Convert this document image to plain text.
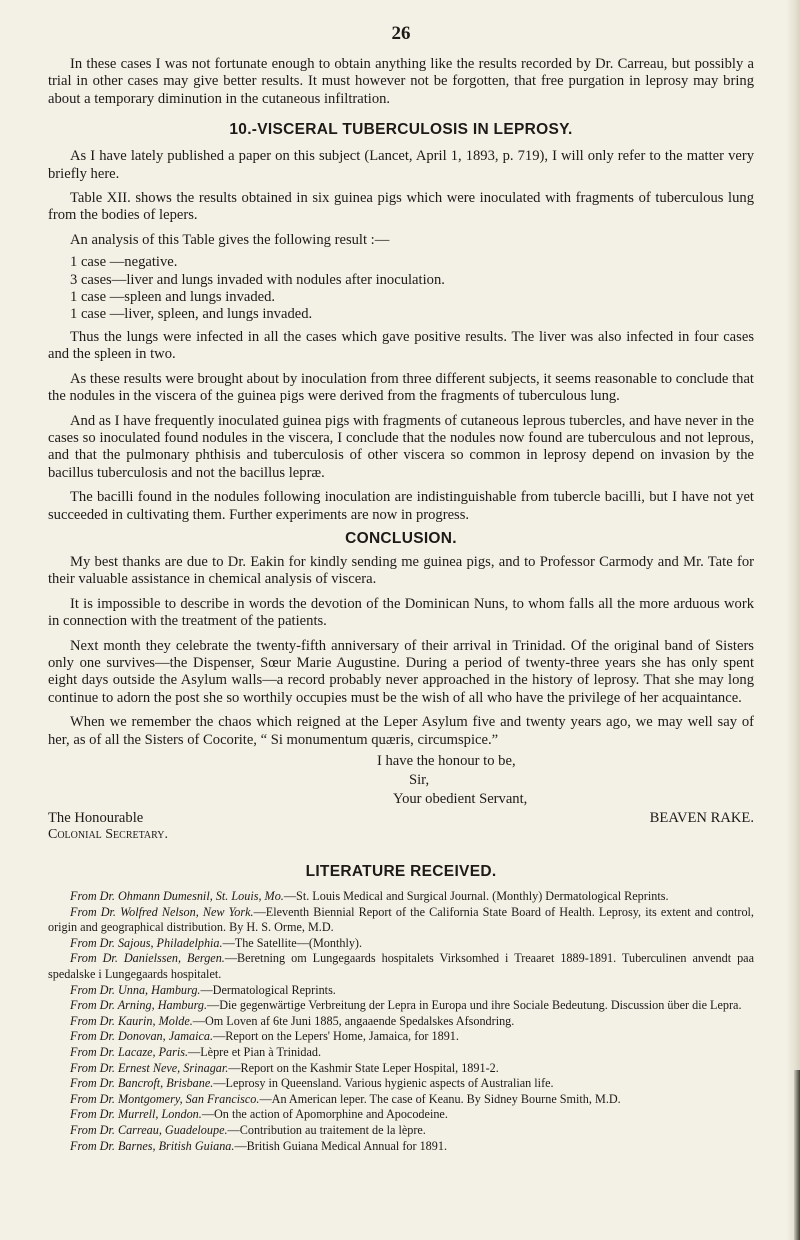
26

In these cases I was not fortunate enough to obtain anything like the results recorded by Dr. Carreau, but possibly a trial in other cases may give better results. It must however not be forgotten, that free purgation in leprosy may bring about a temporary diminution in the cutaneous infiltration.

10.-VISCERAL TUBERCULOSIS IN LEPROSY.

As I have lately published a paper on this subject (Lancet, April 1, 1893, p. 719), I will only refer to the matter very briefly here.

Table XII. shows the results obtained in six guinea pigs which were inoculated with fragments of tuberculous lung from the bodies of lepers.

An analysis of this Table gives the following result :—

1 case —negative.
3 cases—liver and lungs invaded with nodules after inoculation.
1 case —spleen and lungs invaded.
1 case —liver, spleen, and lungs invaded.

Thus the lungs were infected in all the cases which gave positive results. The liver was also infected in four cases and the spleen in two.

As these results were brought about by inoculation from three different subjects, it seems reasonable to conclude that the nodules in the viscera of the guinea pigs were derived from the fragments of tuberculous lung.

And as I have frequently inoculated guinea pigs with fragments of cutaneous leprous tubercles, and have never in the cases so inoculated found nodules in the viscera, I conclude that the nodules now found are tuberculous and not leprous, and that the pulmonary phthisis and tuberculosis of other viscera so common in leprosy depend on invasion by the bacillus tuberculosis and not the bacillus lepræ.

The bacilli found in the nodules following inoculation are indistinguishable from tubercle bacilli, but I have not yet succeeded in cultivating them. Further experiments are now in progress.

CONCLUSION.

My best thanks are due to Dr. Eakin for kindly sending me guinea pigs, and to Professor Carmody and Mr. Tate for their valuable assistance in chemical analysis of viscera.

It is impossible to describe in words the devotion of the Dominican Nuns, to whom falls all the more arduous work in connection with the treatment of the patients.

Next month they celebrate the twenty-fifth anniversary of their arrival in Trinidad. Of the original band of Sisters only one survives—the Dispenser, Sœur Marie Augustine. During a period of twenty-three years she has only spent eight days outside the Asylum walls—a record probably never approached in the history of leprosy. That she may long continue to adorn the post she so worthily occupies must be the wish of all who have the privilege of her acquaintance.

When we remember the chaos which reigned at the Leper Asylum five and twenty years ago, we may well say of her, as of all the Sisters of Cocorite, “ Si monumentum quæris, circumspice.”

I have the honour to be,
Sir,
Your obedient Servant,
The Honourable	BEAVEN RAKE.
Colonial Secretary.
LITERATURE RECEIVED.

From Dr. Ohmann Dumesnil, St. Louis, Mo.—St. Louis Medical and Surgical Journal. (Monthly) Dermatological Reprints.

From Dr. Wolfred Nelson, New York.—Eleventh Biennial Report of the California State Board of Health. Leprosy, its extent and control, origin and geographical distribution. By H. S. Orme, M.D.

From Dr. Sajous, Philadelphia.—The Satellite—(Monthly).

From Dr. Danielssen, Bergen.—Beretning om Lungegaards hospitalets Virksomhed i Treaaret 1889-1891. Tuberculinen anvendt paa spedalske i Lungegaards hospitalet.

From Dr. Unna, Hamburg.—Dermatological Reprints.

From Dr. Arning, Hamburg.—Die gegenwärtige Verbreitung der Lepra in Europa und ihre Sociale Bedeutung. Discussion über die Lepra.

From Dr. Kaurin, Molde.—Om Loven af 6te Juni 1885, angaaende Spedalskes Afsondring.

From Dr. Donovan, Jamaica.—Report on the Lepers' Home, Jamaica, for 1891.

From Dr. Lacaze, Paris.—Lèpre et Pian à Trinidad.

From Dr. Ernest Neve, Srinagar.—Report on the Kashmir State Leper Hospital, 1891-2.

From Dr. Bancroft, Brisbane.—Leprosy in Queensland. Various hygienic aspects of Australian life.

From Dr. Montgomery, San Francisco.—An American leper. The case of Keanu. By Sidney Bourne Smith, M.D.

From Dr. Murrell, London.—On the action of Apomorphine and Apocodeine.

From Dr. Carreau, Guadeloupe.—Contribution au traitement de la lèpre.

From Dr. Barnes, British Guiana.—British Guiana Medical Annual for 1891.
